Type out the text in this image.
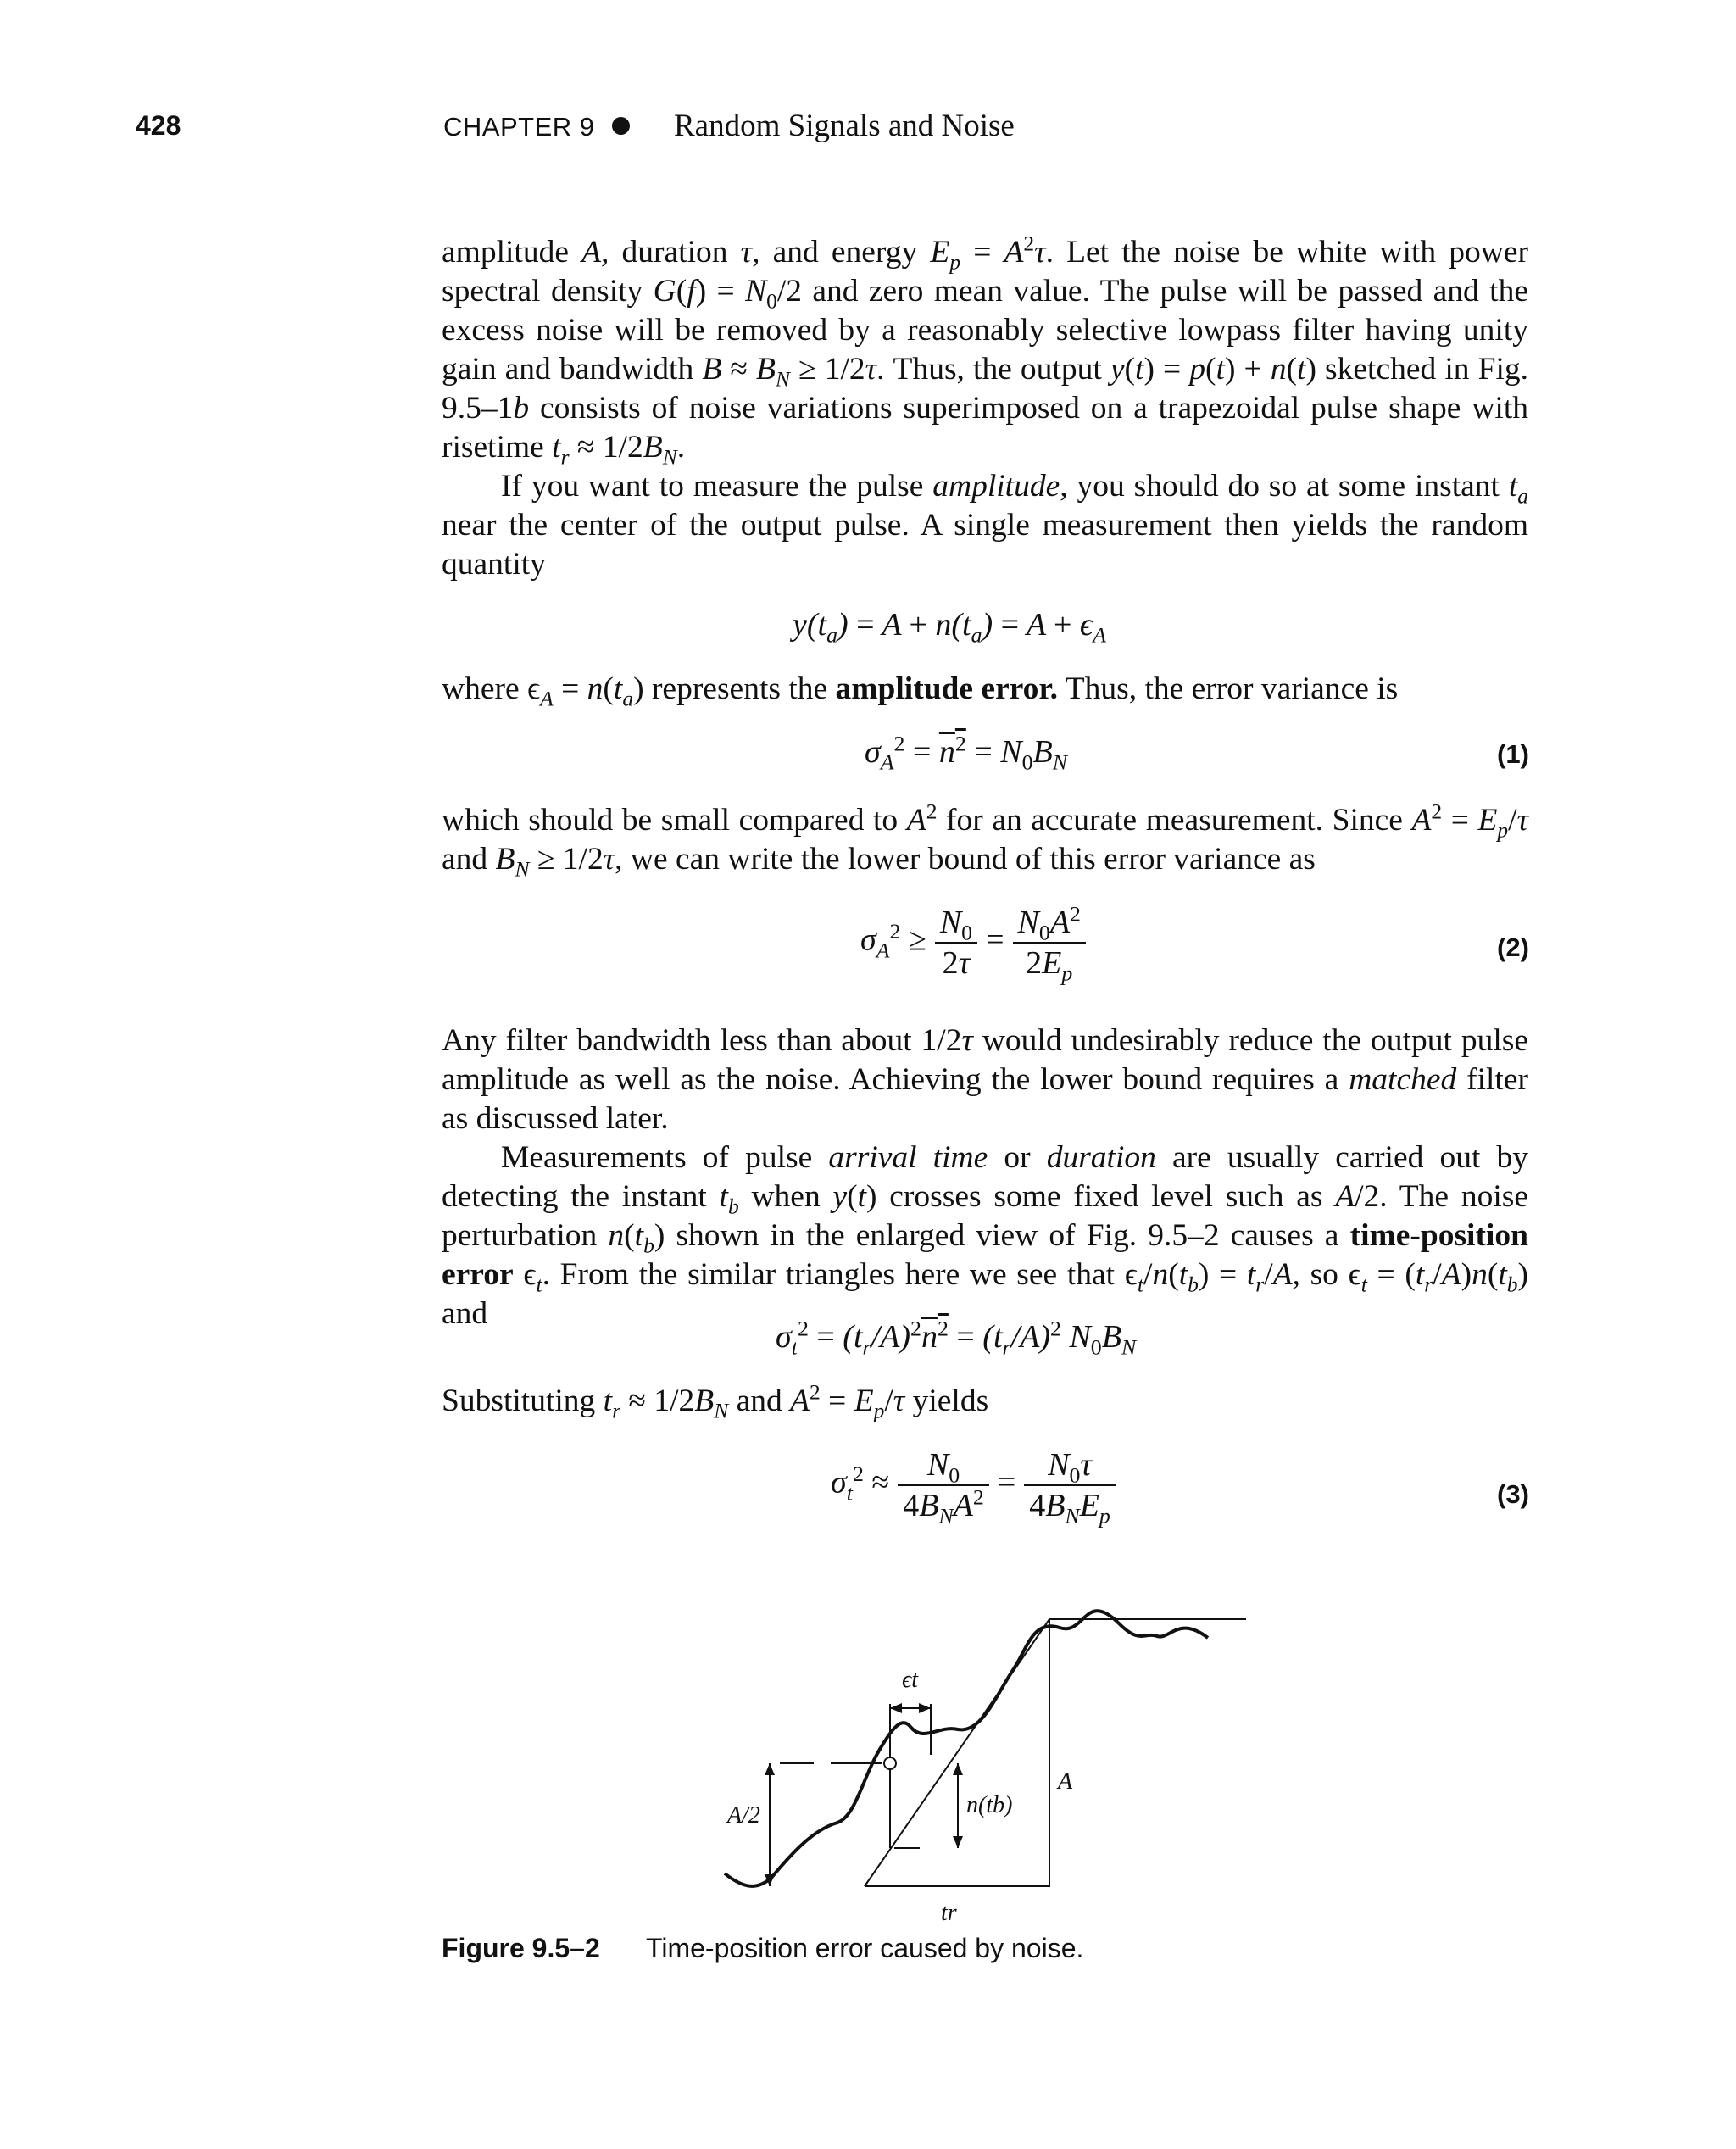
428	CHAPTER 9	Random Signals and Noise

amplitude A, duration τ, and energy $E_p = A^2\tau$. Let the noise be white with power spectral density $G(f) = N_0/2$ and zero mean value. The pulse will be passed and the excess noise will be removed by a reasonably selective lowpass filter having unity gain and bandwidth $B \approx B_N \ge 1/2\tau$. Thus, the output y(t) = p(t) + n(t) sketched in Fig. 9.5–1b consists of noise variations superimposed on a trapezoidal pulse shape with risetime $t_r \approx 1/2B_N$.

If you want to measure the pulse amplitude, you should do so at some instant $t_a$ near the center of the output pulse. A single measurement then yields the random quantity

$y(t_a) = A + n(t_a) = A + \epsilon_A$

where $\epsilon_A = n(t_a)$ represents the amplitude error. Thus, the error variance is

$\sigma_A^2 = n^2 = N_0B_N$	(1)

which should be small compared to $A^2$ for an accurate measurement. Since $A^2 = E_p/\tau$ and $B_N \ge 1/2\tau$, we can write the lower bound of this error variance as

$\sigma_A^2 \ge \frac{N_0}{2\tau} = \frac{N_0A^2}{2E_p}$	(2)

Any filter bandwidth less than about 1/2τ would undesirably reduce the output pulse amplitude as well as the noise. Achieving the lower bound requires a matched filter as discussed later.

Measurements of pulse arrival time or duration are usually carried out by detecting the instant $t_b$ when y(t) crosses some fixed level such as A/2. The noise perturbation $n(t_b)$ shown in the enlarged view of Fig. 9.5–2 causes a time-position error $\epsilon_t$. From the similar triangles here we see that $\epsilon_t/n(t_b) = t_r/A$, so $\epsilon_t = (t_r/A)n(t_b)$ and

$\sigma_t^2 = (t_r/A)^2n^2 = (t_r/A)^2$ $N_0B_N$

Substituting $t_r \approx 1/2B_N$ and $A^2 = E_p/\tau$ yields

$\sigma_t^2 \approx \frac{N_0}{4B_NA^2} = \frac{N_0\tau}{4B_NE_p}$	(3)
ϵt
n(tb)
A
A/2
tr
Figure 9.5–2 Time-position error caused by noise.
